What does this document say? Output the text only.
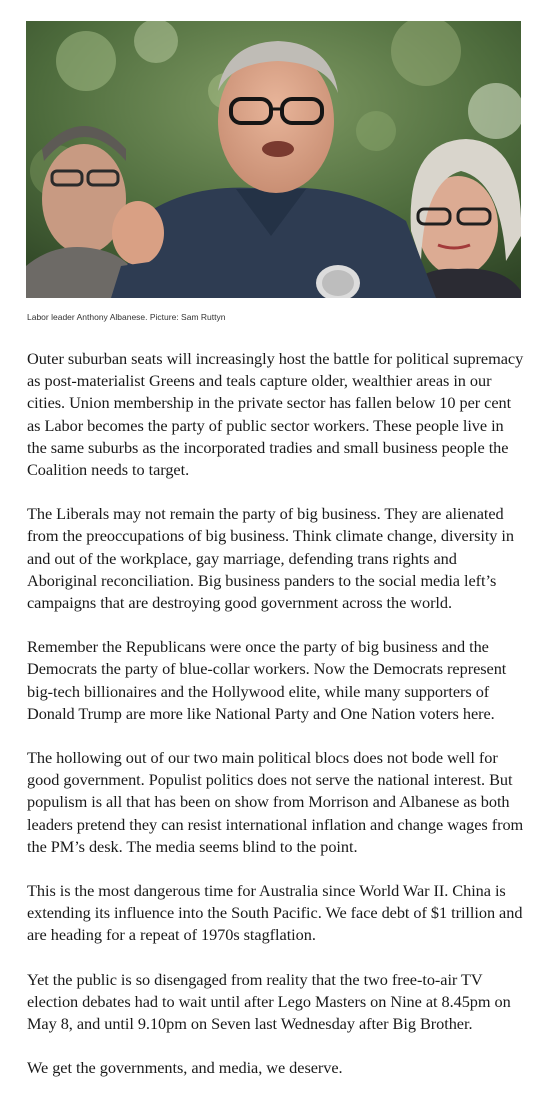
Labor leader Anthony Albanese. Picture: Sam Ruttyn

Outer suburban seats will increasingly host the battle for political supremacy as post-materialist Greens and teals capture older, wealthier areas in our cities. Union membership in the private sector has fallen below 10 per cent as Labor becomes the party of public sector workers. These people live in the same suburbs as the incorporated tradies and small business people the Coalition needs to target.

The Liberals may not remain the party of big business. They are alienated from the preoccupations of big business. Think climate change, diversity in and out of the workplace, gay marriage, defending trans rights and Aboriginal reconciliation. Big business panders to the social media left’s campaigns that are destroying good government across the world.

Remember the Republicans were once the party of big business and the Democrats the party of blue-collar workers. Now the Democrats represent big-tech billionaires and the Hollywood elite, while many supporters of Donald Trump are more like National Party and One Nation voters here.

The hollowing out of our two main political blocs does not bode well for good government. Populist politics does not serve the national interest. But populism is all that has been on show from Morrison and Albanese as both leaders pretend they can resist international inflation and change wages from the PM’s desk. The media seems blind to the point.

This is the most dangerous time for Australia since World War II. China is extending its influence into the South Pacific. We face debt of $1 trillion and are heading for a repeat of 1970s stagflation.

Yet the public is so disengaged from reality that the two free-to-air TV election debates had to wait until after Lego Masters on Nine at 8.45pm on May 8, and until 9.10pm on Seven last Wednesday after Big Brother.

We get the governments, and media, we deserve.
